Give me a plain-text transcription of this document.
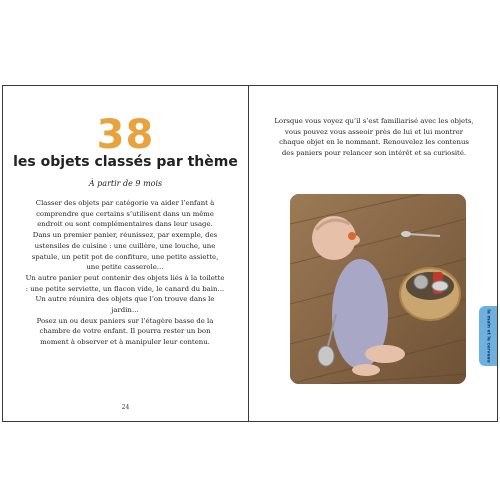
38
les objets classés par thème
À partir de 9 mois

Classer des objets par catégorie va aider l’enfant à comprendre que certains s’utilisent dans un même endroit ou sont complémentaires dans leur usage.

Dans un premier panier, réunissez, par exemple, des ustensiles de cuisine : une cuillère, une louche, une spatule, un petit pot de confiture, une petite assiette, une petite casserole…

Un autre panier peut contenir des objets liés à la toilette : une petite serviette, un flacon vide, le canard du bain…

Un autre réunira des objets que l’on trouve dans le jardin…

Posez un ou deux paniers sur l’étagère basse de la chambre de votre enfant. Il pourra rester un bon moment à observer et à manipuler leur contenu.

24

Lorsque vous voyez qu’il s’est familiarisé avec les objets, vous pouvez vous asseoir près de lui et lui montrer chaque objet en le nommant. Renouvelez les contenus des paniers pour relancer son intérêt et sa curiosité.

la main et le cerveau
